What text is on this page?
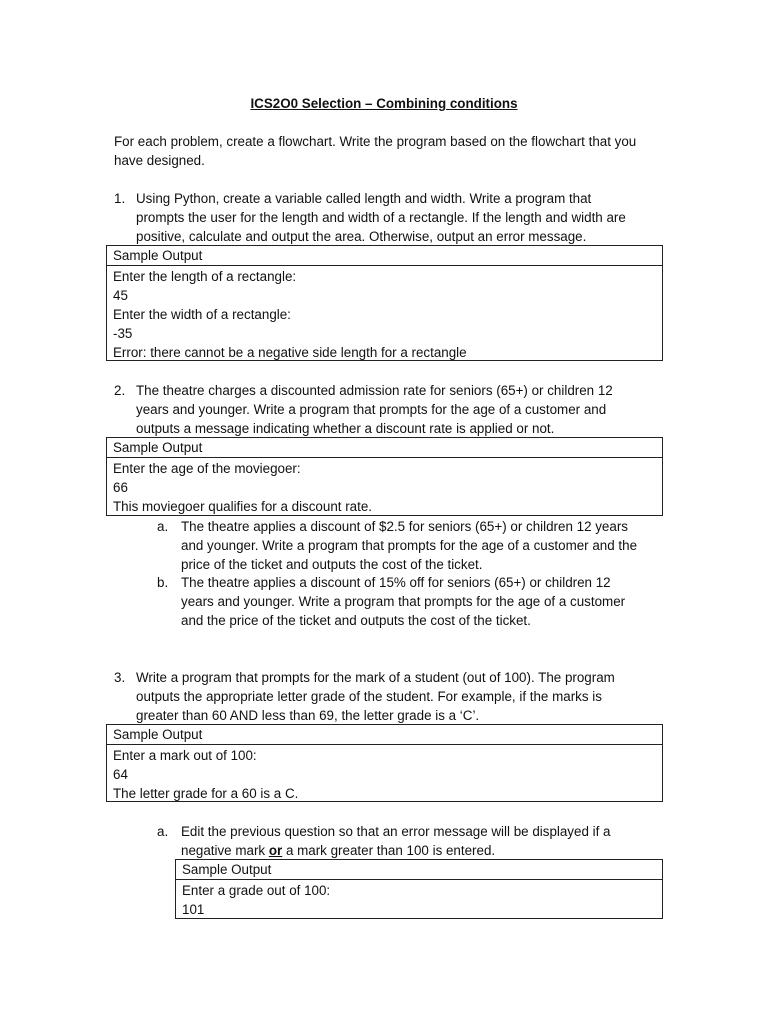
ICS2O0 Selection – Combining conditions
For each problem, create a flowchart. Write the program based on the flowchart that you have designed.
1. Using Python, create a variable called length and width. Write a program that
prompts the user for the length and width of a rectangle. If the length and width are
positive, calculate and output the area. Otherwise, output an error message.
Sample Output
Enter the length of a rectangle:
45
Enter the width of a rectangle:
-35
Error: there cannot be a negative side length for a rectangle
2. The theatre charges a discounted admission rate for seniors (65+) or children 12
years and younger. Write a program that prompts for the age of a customer and
outputs a message indicating whether a discount rate is applied or not.
Sample Output
Enter the age of the moviegoer:
66
This moviegoer qualifies for a discount rate.
a. The theatre applies a discount of $2.5 for seniors (65+) or children 12 years
and younger. Write a program that prompts for the age of a customer and the
price of the ticket and outputs the cost of the ticket.
b. The theatre applies a discount of 15% off for seniors (65+) or children 12
years and younger. Write a program that prompts for the age of a customer
and the price of the ticket and outputs the cost of the ticket.
3. Write a program that prompts for the mark of a student (out of 100). The program
outputs the appropriate letter grade of the student. For example, if the marks is
greater than 60 AND less than 69, the letter grade is a ‘C’.
Sample Output
Enter a mark out of 100:
64
The letter grade for a 60 is a C.
a. Edit the previous question so that an error message will be displayed if a
negative mark or a mark greater than 100 is entered.
Sample Output
Enter a grade out of 100:
101
